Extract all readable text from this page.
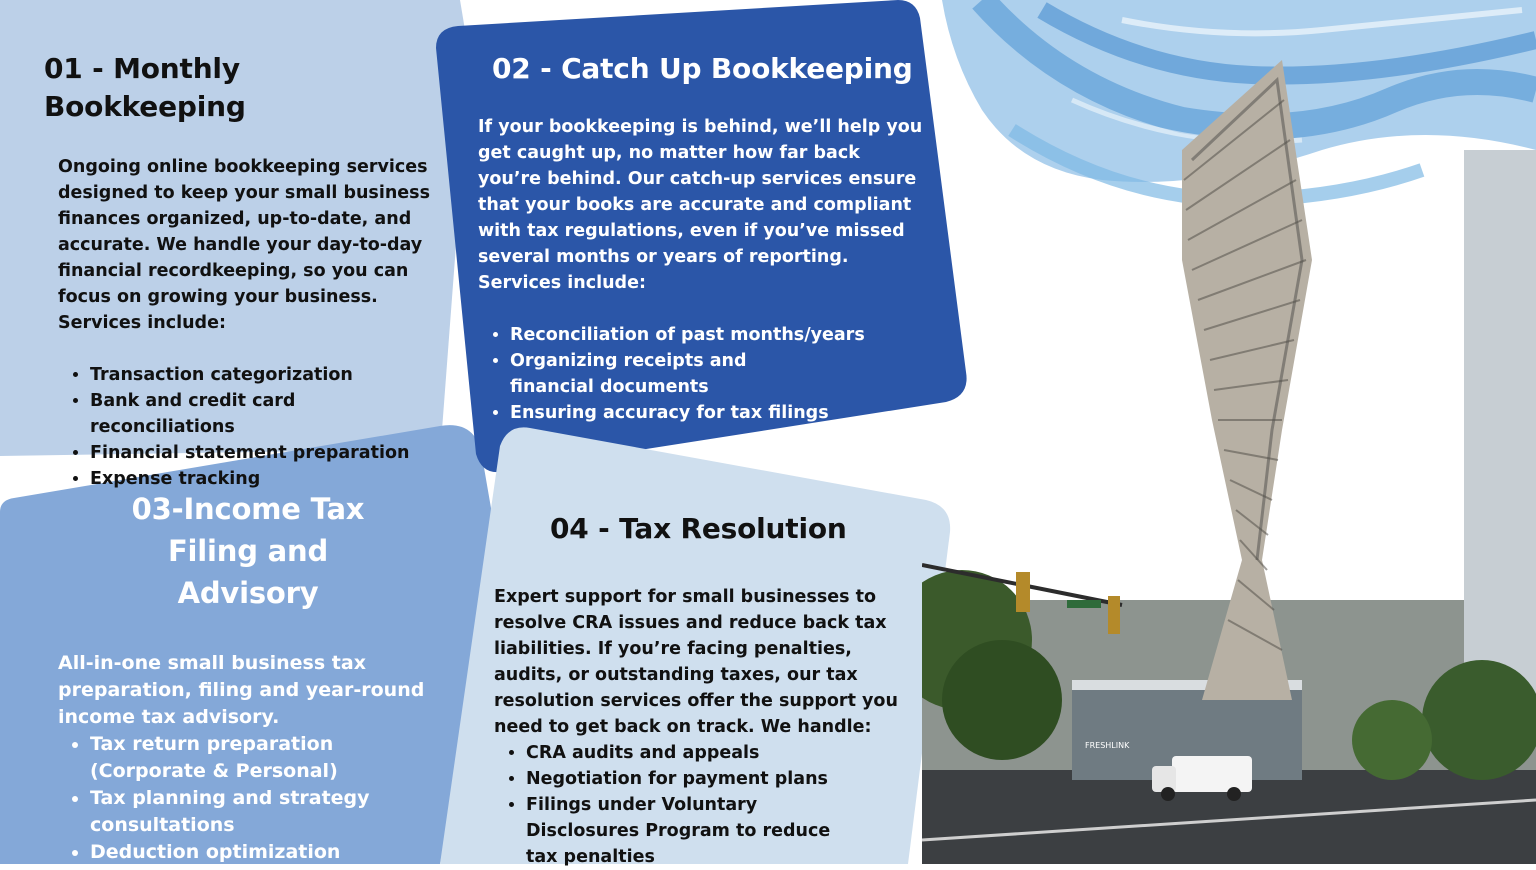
01 - Monthly Bookkeeping

Ongoing online bookkeeping services designed to keep your small business finances organized, up-to-date, and accurate. We handle your day-to-day financial recordkeeping, so you can focus on growing your business. Services include:

• Transaction categorization
• Bank and credit card reconciliations
• Financial statement preparation
• Expense tracking
02 - Catch Up Bookkeeping

If your bookkeeping is behind, we’ll help you get caught up, no matter how far back you’re behind. Our catch-up services ensure that your books are accurate and compliant with tax regulations, even if you’ve missed several months or years of reporting. Services include:

• Reconciliation of past months/years
• Organizing receipts and financial documents
• Ensuring accuracy for tax filings
03-Income Tax Filing and Advisory

All-in-one small business tax preparation, filing and year-round income tax advisory.

• Tax return preparation (Corporate & Personal)
• Tax planning and strategy consultations
• Deduction optimization
04 - Tax Resolution

Expert support for small businesses to resolve CRA issues and reduce back tax liabilities. If you’re facing penalties, audits, or outstanding taxes, our tax resolution services offer the support you need to get back on track. We handle:

• CRA audits and appeals
• Negotiation for payment plans
• Filings under Voluntary Disclosures Program to reduce tax penalties
FRESHLINK
